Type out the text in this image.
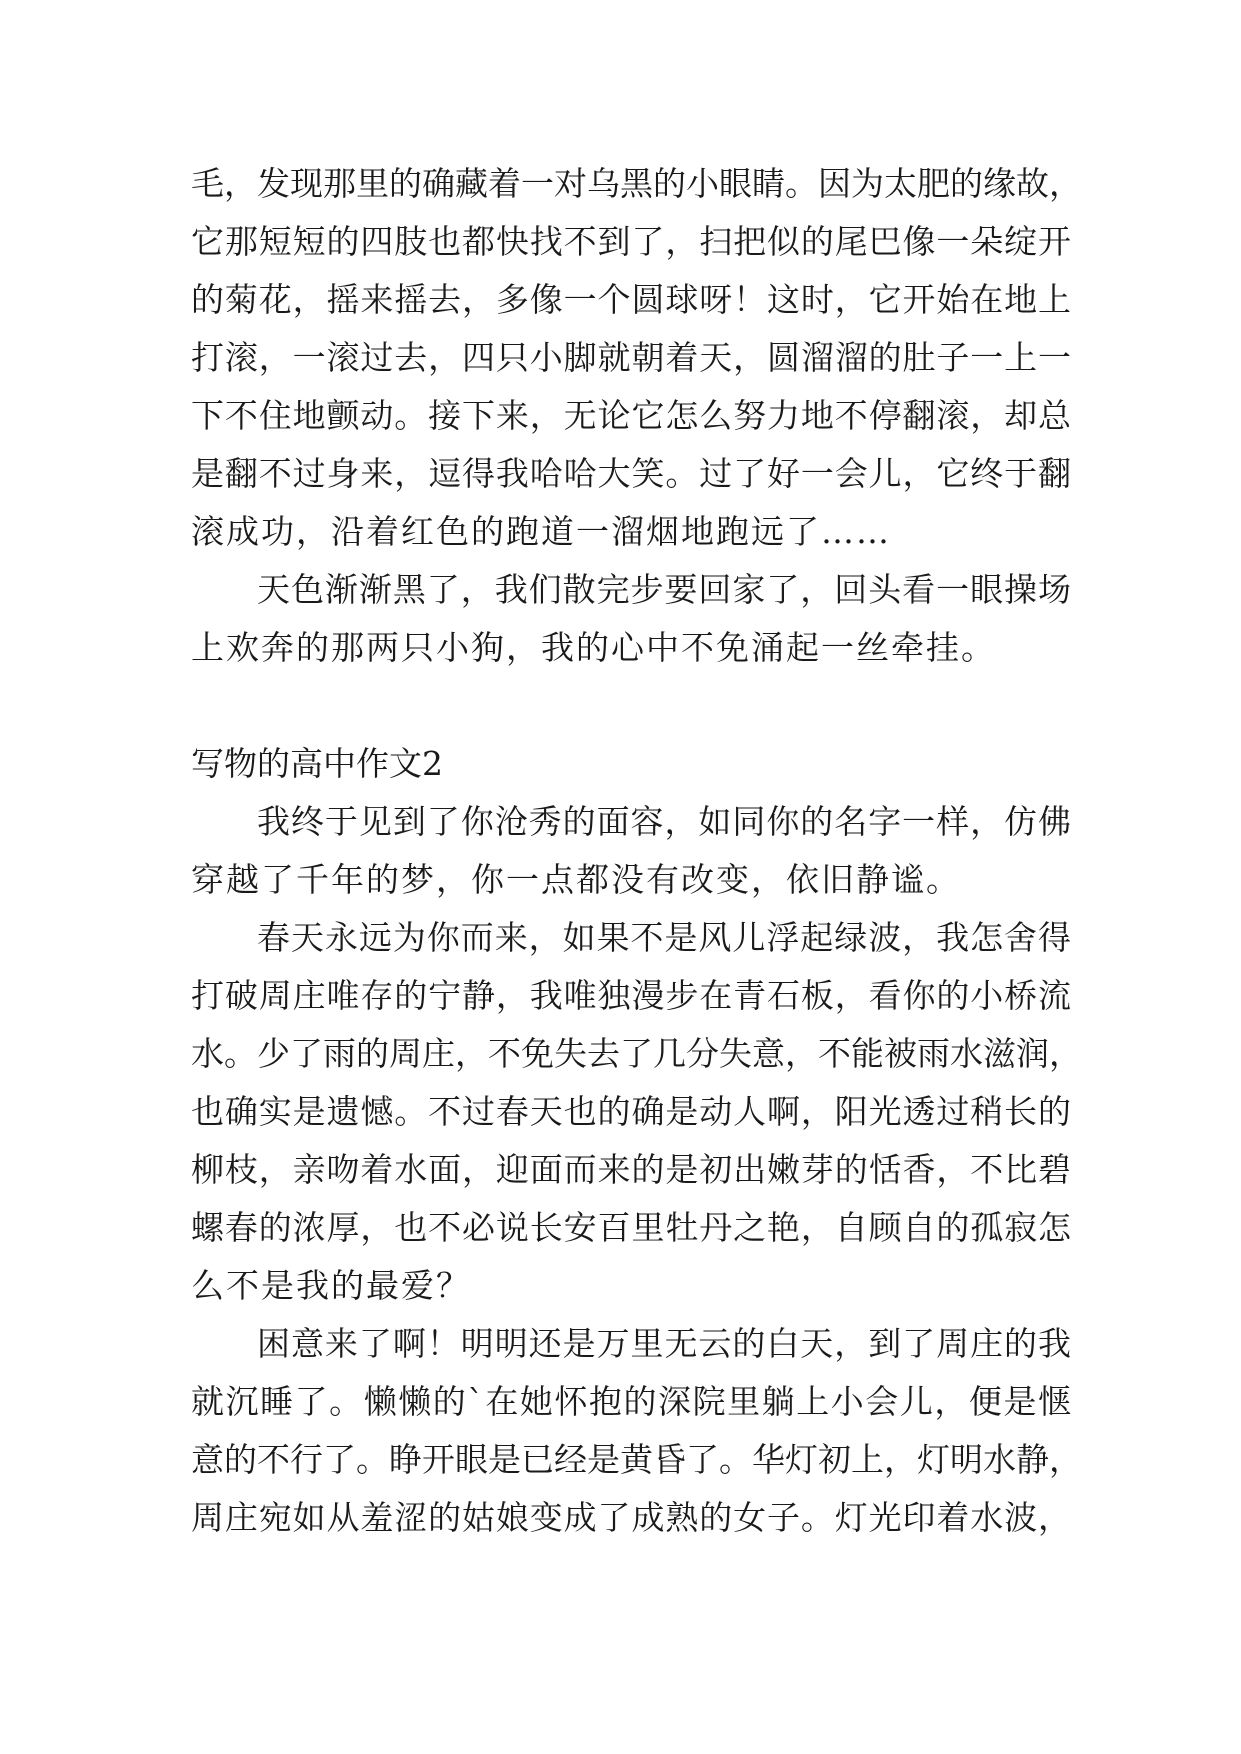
毛，发现那里的确藏着一对乌黑的小眼睛。因为太肥的缘故，
它那短短的四肢也都快找不到了，扫把似的尾巴像一朵绽开
的菊花，摇来摇去，多像一个圆球呀！这时，它开始在地上
打滚，一滚过去，四只小脚就朝着天，圆溜溜的肚子一上一
下不住地颤动。接下来，无论它怎么努力地不停翻滚，却总
是翻不过身来，逗得我哈哈大笑。过了好一会儿，它终于翻
滚成功，沿着红色的跑道一溜烟地跑远了……
天色渐渐黑了，我们散完步要回家了，回头看一眼操场
上欢奔的那两只小狗，我的心中不免涌起一丝牵挂。
写物的高中作文2
我终于见到了你沧秀的面容，如同你的名字一样，仿佛
穿越了千年的梦，你一点都没有改变，依旧静谧。
春天永远为你而来，如果不是风儿浮起绿波，我怎舍得
打破周庄唯存的宁静，我唯独漫步在青石板，看你的小桥流
水。少了雨的周庄，不免失去了几分失意，不能被雨水滋润，
也确实是遗憾。不过春天也的确是动人啊，阳光透过稍长的
柳枝，亲吻着水面，迎面而来的是初出嫩芽的恬香，不比碧
螺春的浓厚，也不必说长安百里牡丹之艳，自顾自的孤寂怎
么不是我的最爱？
困意来了啊！明明还是万里无云的白天，到了周庄的我
就沉睡了。懒懒的`在她怀抱的深院里躺上小会儿，便是惬
意的不行了。睁开眼是已经是黄昏了。华灯初上，灯明水静，
周庄宛如从羞涩的姑娘变成了成熟的女子。灯光印着水波，
